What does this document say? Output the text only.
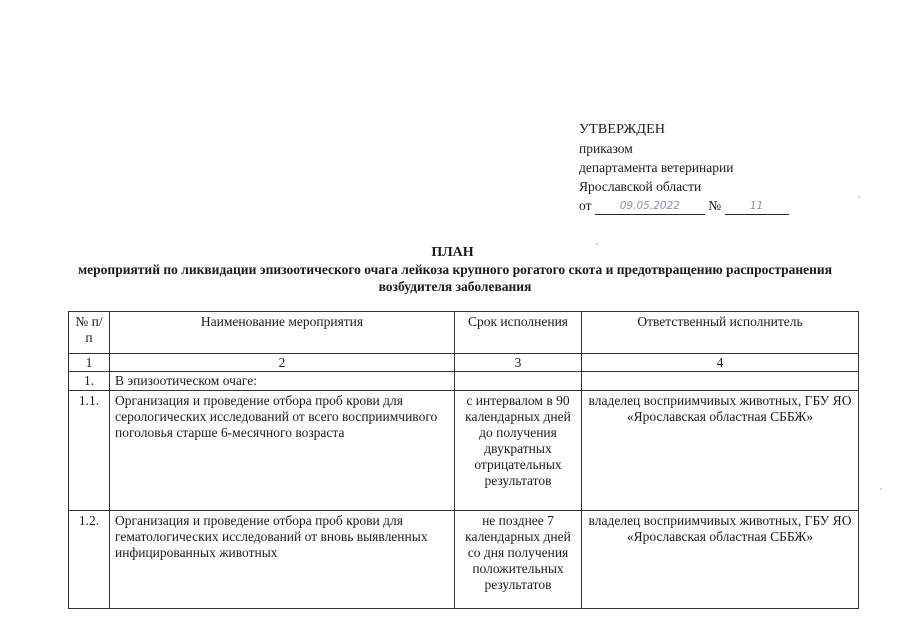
УТВЕРЖДЕН
приказом
департамента ветеринарии
Ярославской области
от	09.05.2022 №	11
ПЛАН
мероприятий по ликвидации эпизоотического очага лейкоза крупного рогатого скота и предотвращению распространения возбудителя заболевания
№ п/п	Наименование мероприятия	Срок исполнения	Ответственный исполнитель
1	2	3	4
1.	В эпизоотическом очаге:		
1.1.	Организация и проведение отбора проб крови для серологических исследований от всего восприимчивого поголовья старше 6-месячного возраста	с интервалом в 90 календарных дней до получения двукратных отрицательных результатов	владелец восприимчивых животных, ГБУ ЯО «Ярославская областная СББЖ»
1.2.	Организация и проведение отбора проб крови для гематологических исследований от вновь выявленных инфицированных животных	не позднее 7 календарных дней со дня получения положительных результатов	владелец восприимчивых животных, ГБУ ЯО «Ярославская областная СББЖ»
